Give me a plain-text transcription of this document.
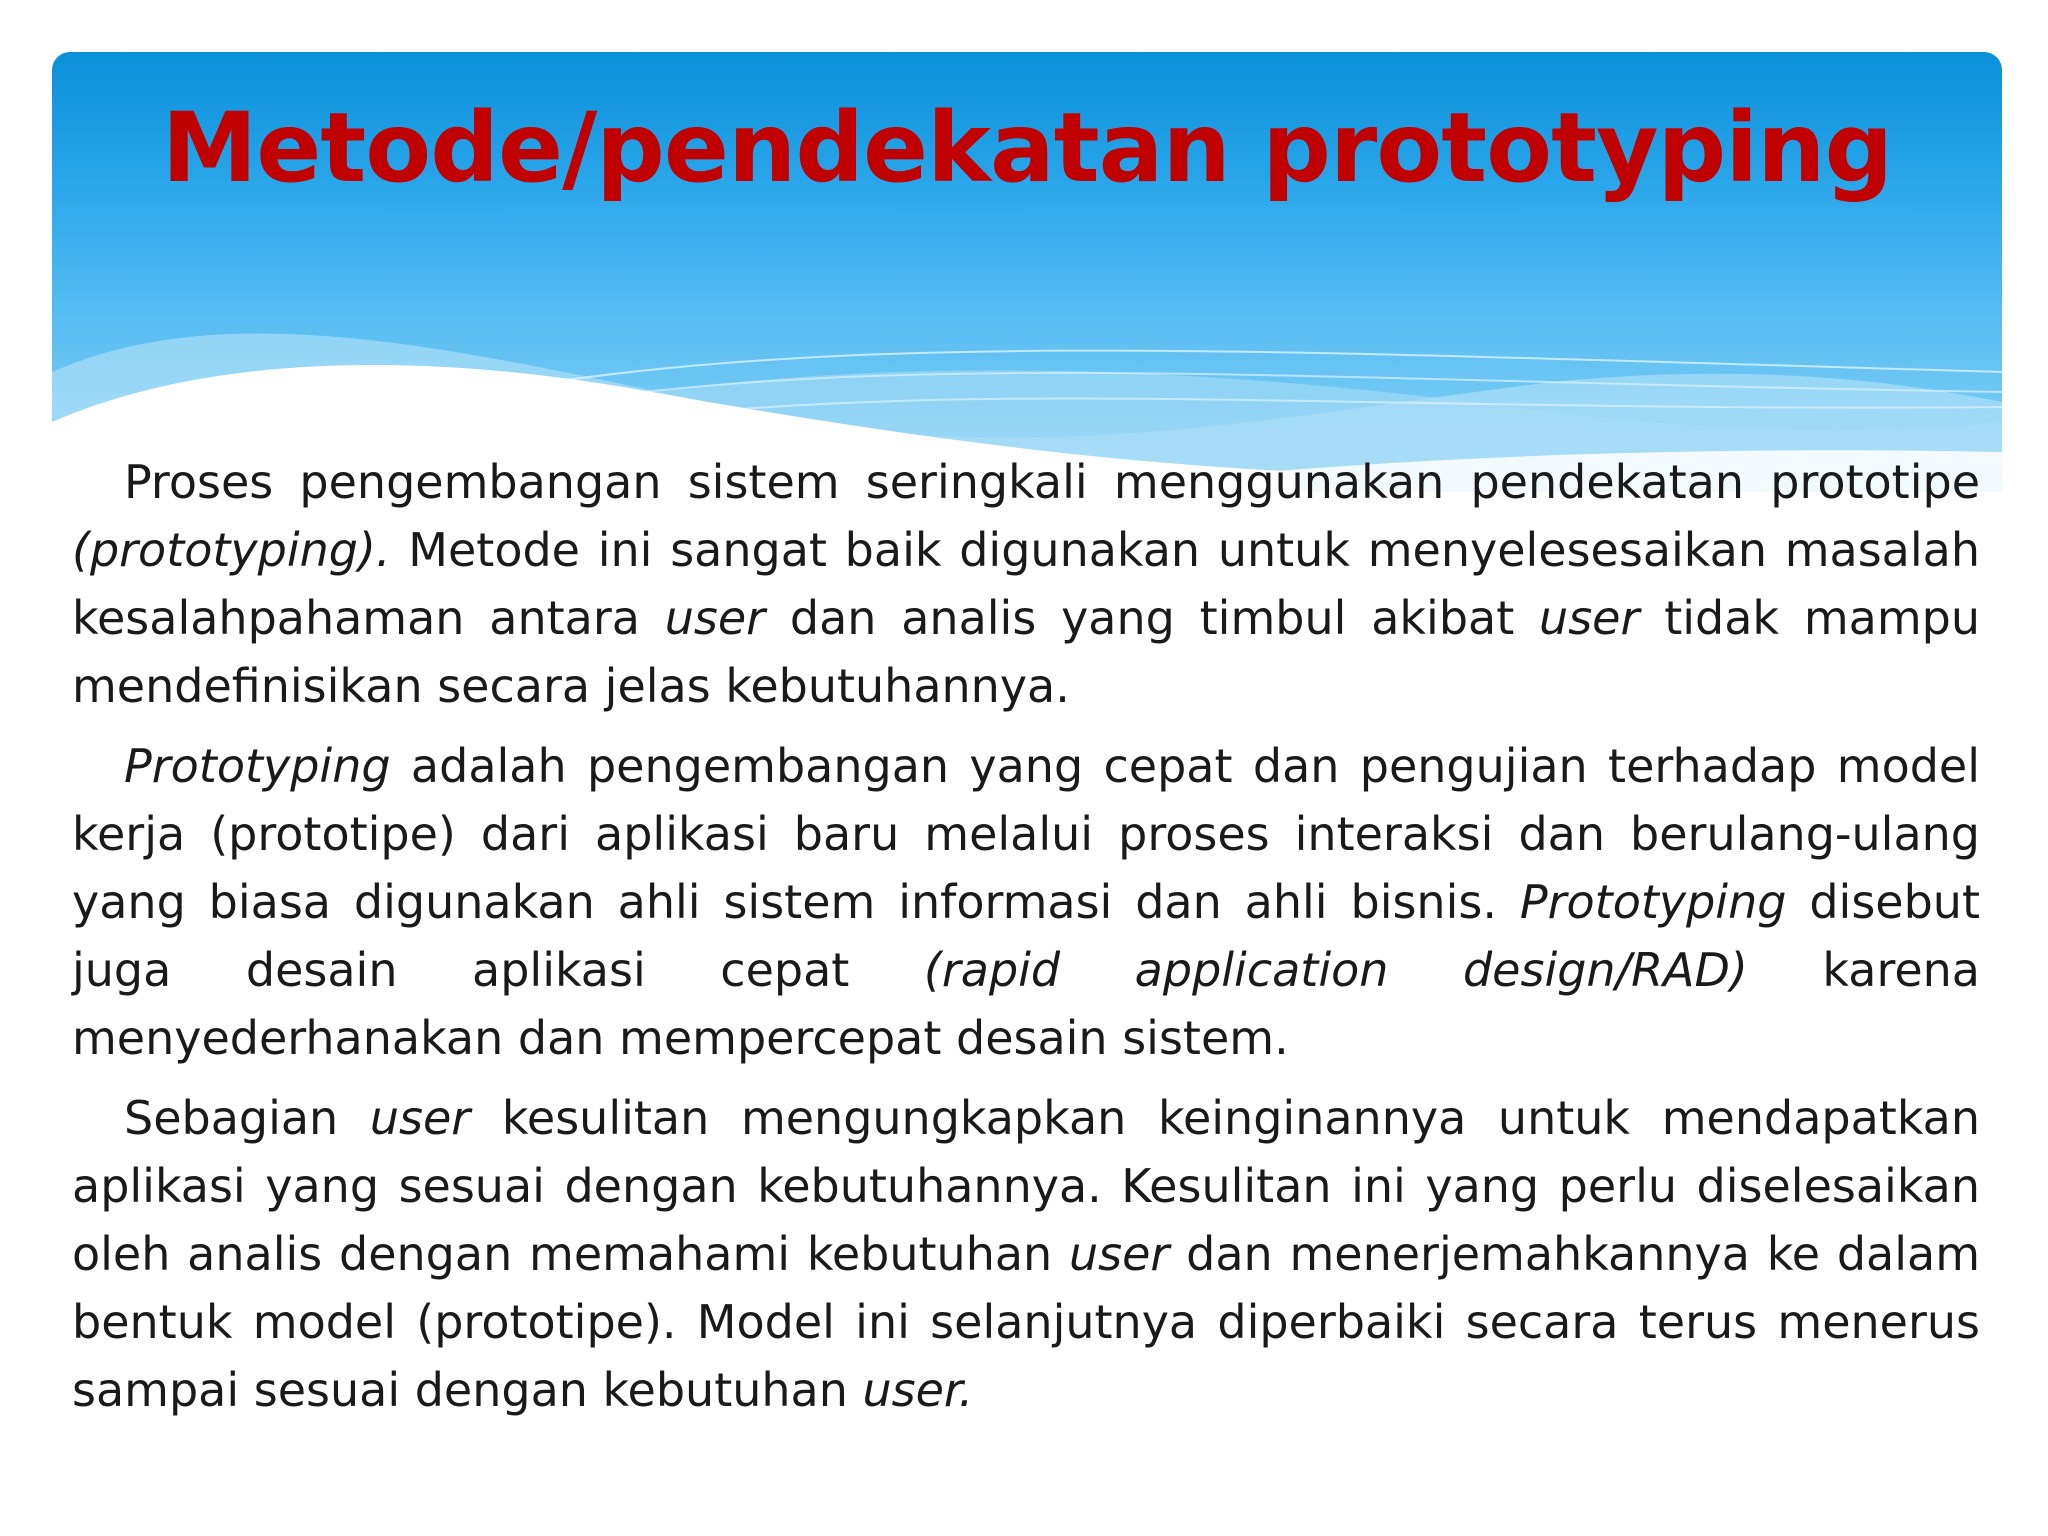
Metode/pendekatan prototyping

Proses pengembangan sistem seringkali menggunakan pendekatan prototipe (prototyping). Metode ini sangat baik digunakan untuk menyelesesaikan masalah kesalahpahaman antara user dan analis yang timbul akibat user tidak mampu mendefinisikan secara jelas kebutuhannya.

Prototyping adalah pengembangan yang cepat dan pengujian terhadap model kerja (prototipe) dari aplikasi baru melalui proses interaksi dan berulang-ulang yang biasa digunakan ahli sistem informasi dan ahli bisnis. Prototyping disebut juga desain aplikasi cepat (rapid application design/RAD) karena menyederhanakan dan mempercepat desain sistem.

Sebagian user kesulitan mengungkapkan keinginannya untuk mendapatkan aplikasi yang sesuai dengan kebutuhannya. Kesulitan ini yang perlu diselesaikan oleh analis dengan memahami kebutuhan user dan menerjemahkannya ke dalam bentuk model (prototipe). Model ini selanjutnya diperbaiki secara terus menerus sampai sesuai dengan kebutuhan user.
